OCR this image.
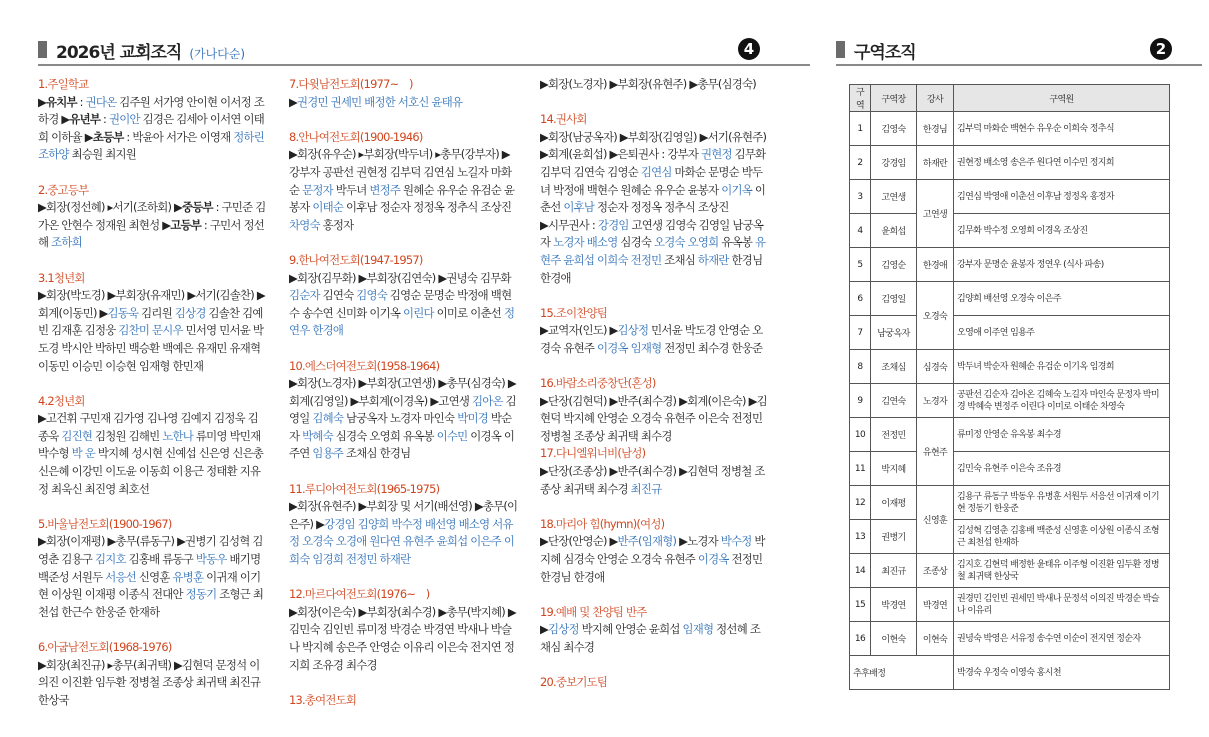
2026년 교회조직 (가나다순)	4	구역조직	2
1.주일학교
▶유치부 : 권다온 김주원 서가영 안이현 이서정 조하경 ▶유년부 : 권이안 김경은 김세아 이서연 이태희 이하율 ▶초등부 : 박윤아 서가은 이영재 정하린 조하양 최승원 최지원
2.중고등부
▶회장(정선혜) ▸서기(조하회) ▶중등부 : 구민준 김가온 안현수 정재원 최현성 ▶고등부 : 구민서 정선해 조하희
3.1청년회
▶회장(박도경) ▶부회장(유재민) ▶서기(김솔찬) ▶회계(이동민) ▶김동욱 김리원 김상경 김솔찬 김예빈 김재훈 김정웅 김찬미 문시우 민서영 민서윤 박도경 박시안 박하민 백승환 백예은 유재민 유재혁 이동민 이승민 이승현 임재형 한민재
4.2청년회
▶고건휘 구민재 김가영 김나영 김예지 김정욱 김종욱 김진현 김청원 김해빈 노한나 류미영 박민재 박수형 박 운 박지혜 성시현 신예섭 신은영 신은총 신은혜 이강민 이도윤 이동희 이용근 정태환 지유정 최욱신 최진영 최호선
5.바울남전도회(1900-1967)
▶회장(이재평) ▶총무(류동구) ▶권병기 김성혁 김영춘 김용구 김지호 김홍배 류동구 박동우 배기명 백준성 서원두 서응선 신영훈 유병훈 이귀재 이기현 이상원 이재평 이종식 전대안 정동기 조형근 최천섭 한근수 한웅준 한재하
6.아굽남전도회(1968-1976)
▶회장(최진규) ▸총무(최귀택) ▶김현덕 문정석 이의진 이진환 임두환 정병철 조종상 최귀택 최진규 한상국
7.다윗남전도회(1977~　)
▶권경민 권세민 배정한 서호신 윤태유
8.안나여전도회(1900-1946)
▶회장(유우순) ▸부회장(박두녀) ▸총무(강부자) ▶강부자 공판선 권현정 김부덕 김연심 노길자 마화순 문정자 박두녀 변정주 원혜순 유우순 유검순 윤봉자 이태순 이후남 정순자 정정옥 정추식 조상진 차영숙 홍정자
9.한나여전도회(1947-1957)
▶회장(김무화) ▶부회장(김연숙) ▶권녕숙 김무화 김순자 김연숙 김영숙 김영순 문명순 박정애 백현수 송수연 신미화 이기옥 이린다 이미로 이춘선 정연우 한경애
10.에스더여전도회(1958-1964)
▶회장(노경자) ▶부회장(고연생) ▶총무(심경숙) ▶회계(김영일) ▶부회계(이경옥) ▶고연생 김아온 김영일 김혜숙 남궁옥자 노경자 마인숙 박미경 박순자 박혜숙 심경숙 오영희 유옥봉 이수민 이경옥 이주연 임용주 조채심 한경님
11.루디아여전도회(1965-1975)
▶회장(유현주) ▶부회장 및 서기(배선영) ▶총무(이은주) ▶강경임 김양희 박수정 배선영 배소영 서유정 오경숙 오경애 원다연 유현주 윤희섭 이은주 이희숙 임경희 전정민 하재란
12.마르다여전도회(1976~　)
▶회장(이은숙) ▶부회장(최수경) ▶총무(박지혜) ▶김민숙 김인빈 류미정 박경순 박경연 박새나 박슬나 박지혜 송은주 안영순 이유리 이은숙 전지연 정지희 조유경 최수경
13.총여전도회
▶회장(노경자) ▶부회장(유현주) ▶총무(심경숙)
14.권사회
▶회장(남궁옥자) ▶부회장(김영일) ▶서기(유현주) ▶회계(윤희섭) ▶은퇴권사 : 강부자 권현정 김무화 김부덕 김연숙 김영순 김연심 마화순 문명순 박두녀 박정애 백현수 원혜순 유우순 윤봉자 이기옥 이춘선 이후남 정순자 정정옥 정추식 조상진
▶시무권사 : 강경임 고연생 김영숙 김영일 남궁옥자 노경자 배소영 심경숙 오경숙 오영희 유옥봉 유현주 윤희섭 이희숙 전정민 조채심 하재란 한경님 한경애
15.조이찬양팀
▶교역자(인도) ▶김상정 민서윤 박도경 안영순 오경숙 유현주 이경옥 임재형 전정민 최수경 한웅준
16.바람소리중창단(혼성)
▶단장(김현덕) ▶반주(최수경) ▶회계(이은숙) ▶김현덕 박지혜 안영순 오경숙 유현주 이은숙 전정민 정병철 조종상 최귀택 최수경
17.다니엘워너비(남성)
▶단장(조종상) ▶반주(최수경) ▶김현덕 정병철 조종상 최귀택 최수경 최진규
18.마리아 힘(hymn)(여성)
▶단장(안영순) ▶반주(임재형) ▶노경자 박수정 박지혜 심경숙 안영순 오경숙 유현주 이경옥 전정민 한경님 한경애
19.예배 및 찬양팀 반주
▶김상정 박지혜 안영순 윤희섭 임재형 정선혜 조채심 최수경
20.중보기도팀
구역	구역장	강사	구역원
1	김영숙	한경님	김부덕 마화순 백현수 유우순 이희숙 정추식
2	강경임	하재란	권현정 배소영 송은주 원다연 이수민 정지희
3	고연생	고연생	김연심 박영애 이춘선 이후남 정정옥 홍정자
4	윤희섭		김무화 박수정 오영희 이경옥 조상진
5	김영순	한경애	강부자 문명순 윤봉자 정연우 (식사 파송)
6	김영일	오경숙	김양희 배선영 오경숙 이은주
7	남궁옥자		오영애 이주연 임용주
8	조채심	심경숙	박두녀 박순자 원혜순 유검순 이기옥 임경희
9	김연숙	노경자	공판선 김순자 김아온 김혜숙 노길자 마인숙 문정자 박미경 박혜숙 변정주 이린다 이미로 이태순 차영숙
10	전정민	유현주	류미정 안영순 유옥봉 최수경
11	박지혜		김민숙 유현주 이은숙 조유경
12	이재평	신영훈	김용구 류동구 박동우 유병훈 서원두 서응선 이귀재 이기현 정동기 한웅준
13	권병기		김성혁 김영춘 김홍배 백준성 신영훈 이상원 이종식 조형근 최천섭 한재하
14	최진규	조종상	김지호 김현덕 배정한 윤태유 이주형 이진환 임두환 정병철 최귀택 한상국
15	박경연	박경연	권경민 김인빈 권세민 박새나 문정석 이의진 박경순 박슬나 이유리
16	이현숙	이현숙	권녕숙 박영은 서유정 송수연 이순이 전지연 정순자
추후배정			박경숙 우정숙 이영숙 홍시천
